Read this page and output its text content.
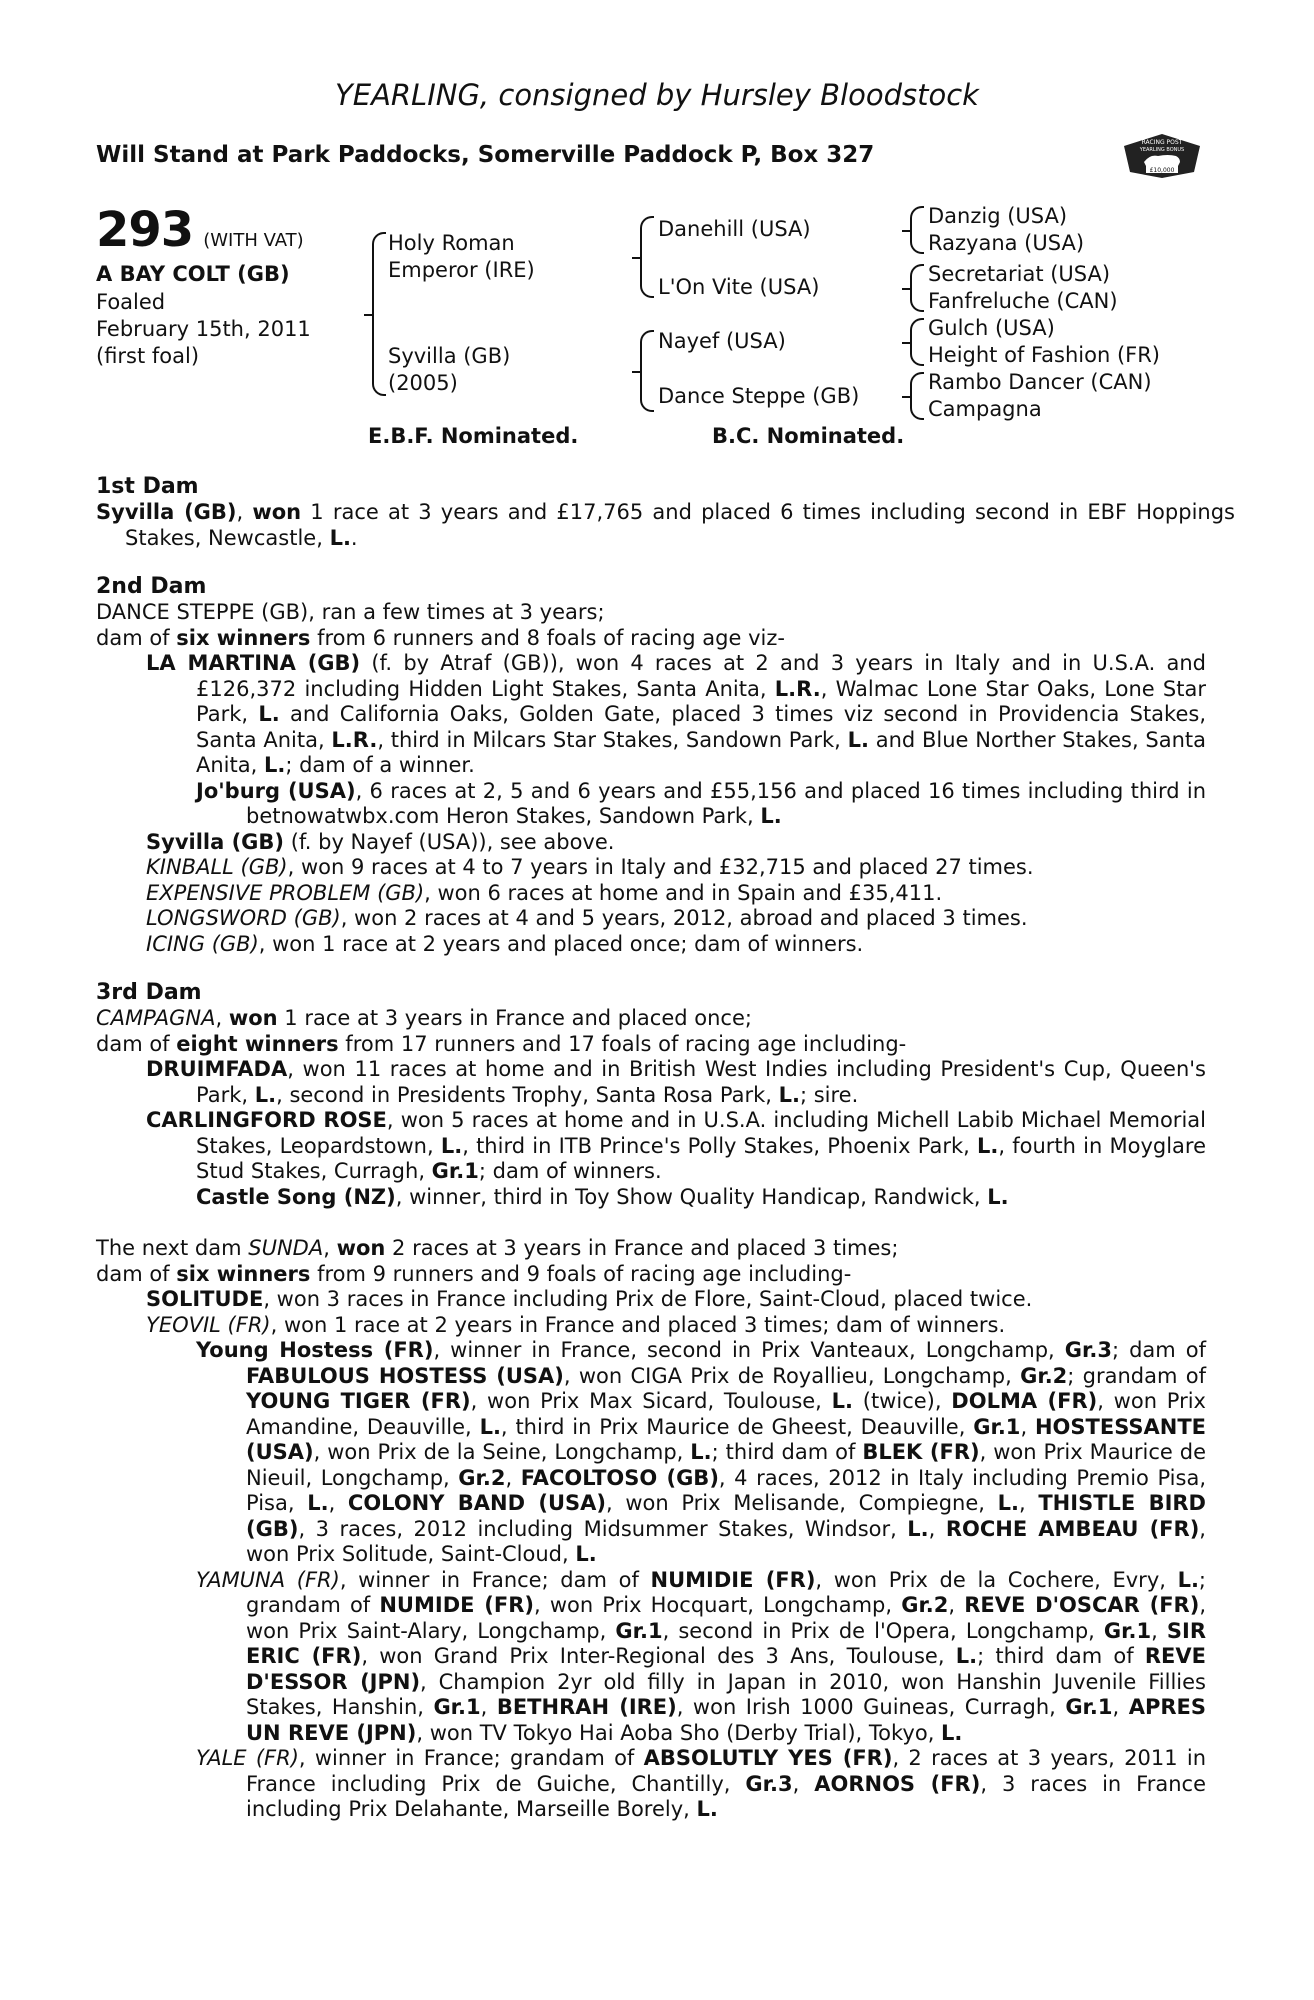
YEARLING, consigned by Hursley Bloodstock
Will Stand at Park Paddocks, Somerville Paddock P, Box 327	RACING POST
YEARLING BONUS
£10,000
293 (WITH VAT)
A BAY COLT (GB)
Foaled
February 15th, 2011
(first foal)
Holy Roman
Emperor (IRE)
Syvilla (GB)
(2005)
Danehill (USA)
L'On Vite (USA)
Nayef (USA)
Dance Steppe (GB)
Danzig (USA)
Razyana (USA)
Secretariat (USA)
Fanfreluche (CAN)
Gulch (USA)
Height of Fashion (FR)
Rambo Dancer (CAN)
Campagna
E.B.F. Nominated.	B.C. Nominated.
1st Dam
Syvilla (GB), won 1 race at 3 years and £17,765 and placed 6 times including second in EBF Hoppings Stakes, Newcastle, L..
2nd Dam
DANCE STEPPE (GB), ran a few times at 3 years;
dam of six winners from 6 runners and 8 foals of racing age viz-
LA MARTINA (GB) (f. by Atraf (GB)), won 4 races at 2 and 3 years in Italy and in U.S.A. and £126,372 including Hidden Light Stakes, Santa Anita, L.R., Walmac Lone Star Oaks, Lone Star Park, L. and California Oaks, Golden Gate, placed 3 times viz second in Providencia Stakes, Santa Anita, L.R., third in Milcars Star Stakes, Sandown Park, L. and Blue Norther Stakes, Santa Anita, L.; dam of a winner.
Jo'burg (USA), 6 races at 2, 5 and 6 years and £55,156 and placed 16 times including third in betnowatwbx.com Heron Stakes, Sandown Park, L.
Syvilla (GB) (f. by Nayef (USA)), see above.
KINBALL (GB), won 9 races at 4 to 7 years in Italy and £32,715 and placed 27 times.
EXPENSIVE PROBLEM (GB), won 6 races at home and in Spain and £35,411.
LONGSWORD (GB), won 2 races at 4 and 5 years, 2012, abroad and placed 3 times.
ICING (GB), won 1 race at 2 years and placed once; dam of winners.
3rd Dam
CAMPAGNA, won 1 race at 3 years in France and placed once;
dam of eight winners from 17 runners and 17 foals of racing age including-
DRUIMFADA, won 11 races at home and in British West Indies including President's Cup, Queen's Park, L., second in Presidents Trophy, Santa Rosa Park, L.; sire.
CARLINGFORD ROSE, won 5 races at home and in U.S.A. including Michell Labib Michael Memorial Stakes, Leopardstown, L., third in ITB Prince's Polly Stakes, Phoenix Park, L., fourth in Moyglare Stud Stakes, Curragh, Gr.1; dam of winners.
Castle Song (NZ), winner, third in Toy Show Quality Handicap, Randwick, L.
The next dam SUNDA, won 2 races at 3 years in France and placed 3 times;
dam of six winners from 9 runners and 9 foals of racing age including-
SOLITUDE, won 3 races in France including Prix de Flore, Saint-Cloud, placed twice.
YEOVIL (FR), won 1 race at 2 years in France and placed 3 times; dam of winners.
Young Hostess (FR), winner in France, second in Prix Vanteaux, Longchamp, Gr.3; dam of FABULOUS HOSTESS (USA), won CIGA Prix de Royallieu, Longchamp, Gr.2; grandam of YOUNG TIGER (FR), won Prix Max Sicard, Toulouse, L. (twice), DOLMA (FR), won Prix Amandine, Deauville, L., third in Prix Maurice de Gheest, Deauville, Gr.1, HOSTESSANTE (USA), won Prix de la Seine, Longchamp, L.; third dam of BLEK (FR), won Prix Maurice de Nieuil, Longchamp, Gr.2, FACOLTOSO (GB), 4 races, 2012 in Italy including Premio Pisa, Pisa, L., COLONY BAND (USA), won Prix Melisande, Compiegne, L., THISTLE BIRD (GB), 3 races, 2012 including Midsummer Stakes, Windsor, L., ROCHE AMBEAU (FR), won Prix Solitude, Saint-Cloud, L.
YAMUNA (FR), winner in France; dam of NUMIDIE (FR), won Prix de la Cochere, Evry, L.; grandam of NUMIDE (FR), won Prix Hocquart, Longchamp, Gr.2, REVE D'OSCAR (FR), won Prix Saint-Alary, Longchamp, Gr.1, second in Prix de l'Opera, Longchamp, Gr.1, SIR ERIC (FR), won Grand Prix Inter-Regional des 3 Ans, Toulouse, L.; third dam of REVE D'ESSOR (JPN), Champion 2yr old filly in Japan in 2010, won Hanshin Juvenile Fillies Stakes, Hanshin, Gr.1, BETHRAH (IRE), won Irish 1000 Guineas, Curragh, Gr.1, APRES UN REVE (JPN), won TV Tokyo Hai Aoba Sho (Derby Trial), Tokyo, L.
YALE (FR), winner in France; grandam of ABSOLUTLY YES (FR), 2 races at 3 years, 2011 in France including Prix de Guiche, Chantilly, Gr.3, AORNOS (FR), 3 races in France including Prix Delahante, Marseille Borely, L.
